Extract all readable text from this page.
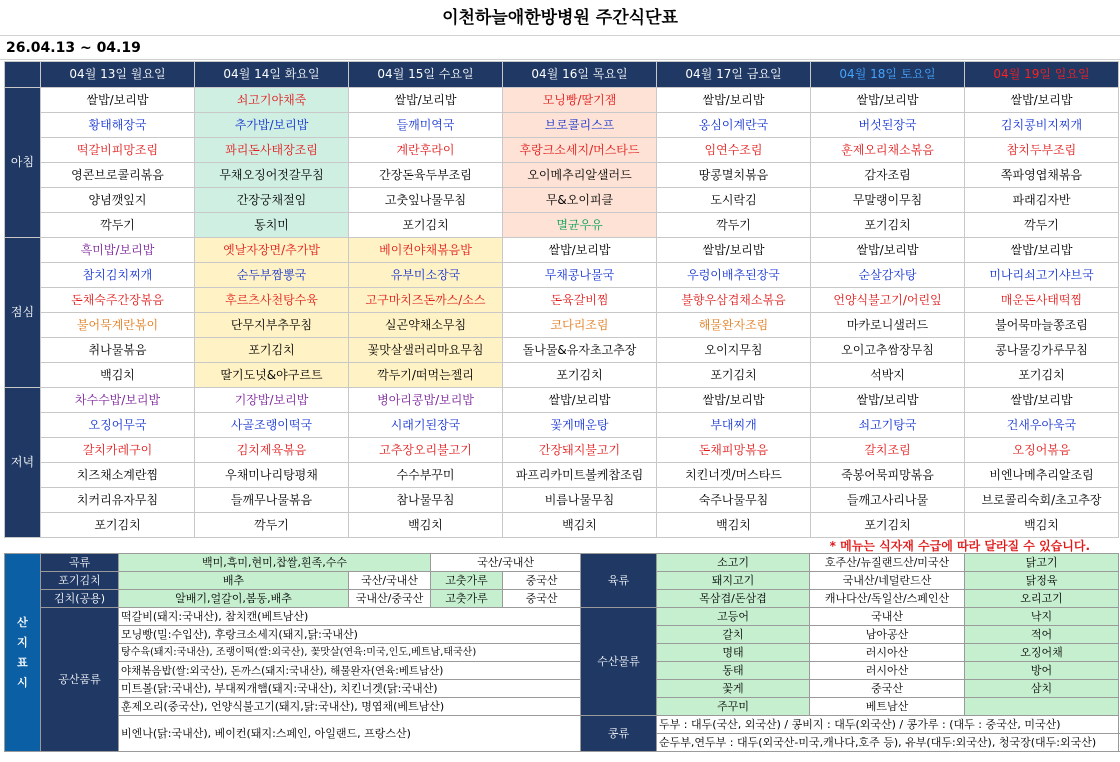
이천하늘애한방병원 주간식단표
26.04.13 ~ 04.19
	04월 13일 월요일	04월 14일 화요일	04월 15일 수요일	04월 16일 목요일	04월 17일 금요일	04월 18일 토요일	04월 19일 일요일
아침	쌀밥/보리밥	쇠고기야채죽	쌀밥/보리밥	모닝빵/딸기잼	쌀밥/보리밥	쌀밥/보리밥	쌀밥/보리밥
	황태해장국	추가밥/보리밥	들깨미역국	브로콜리스프	옹심이계란국	버섯된장국	김치콩비지찌개
	떡갈비피망조림	꽈리돈사태장조림	계란후라이	후랑크소세지/머스타드	임연수조림	훈제오리채소볶음	참치두부조림
	영콘브로콜리볶음	무채오징어젓갈무침	간장돈육두부조림	오이메추리알샐러드	땅콩멸치볶음	감자조림	쪽파영엽채볶음
	양념깻잎지	간장궁채절임	고춧잎나물무침	무&오이피클	도시락김	무말랭이무침	파래김자반
	깍두기	동치미	포기김치	멸균우유	깍두기	포기김치	깍두기
점심	흑미밥/보리밥	옛날자장면/추가밥	베이컨야채볶음밥	쌀밥/보리밥	쌀밥/보리밥	쌀밥/보리밥	쌀밥/보리밥
	참치김치찌개	순두부짬뽕국	유부미소장국	무채콩나물국	우렁이배추된장국	순살감자탕	미나리쇠고기샤브국
	돈채숙주간장볶음	후르츠사천탕수육	고구마치즈돈까스/소스	돈육갈비찜	불향우삼겹채소볶음	언양식불고기/어린잎	매운돈사태떡찜
	불어묵계란볶이	단무지부추무침	실곤약채소무침	코다리조림	해물완자조림	마카로니샐러드	불어묵마늘쫑조림
	취나물볶음	포기김치	꽃맛살샐러리마요무침	돌나물&유자초고추장	오이지무침	오이고추쌈장무침	콩나물깅가루무침
	백김치	딸기도넛&야구르트	깍두기/떠먹는젤리	포기김치	포기김치	석박지	포기김치
저녁	차수수밥/보리밥	기장밥/보리밥	병아리콩밥/보리밥	쌀밥/보리밥	쌀밥/보리밥	쌀밥/보리밥	쌀밥/보리밥
	오징어무국	사골조랭이떡국	시래기된장국	꽃게매운탕	부대찌개	쇠고기탕국	건새우아욱국
	갈치카레구이	김치제육볶음	고추장오리불고기	간장돼지불고기	돈채피망볶음	갈치조림	오징어볶음
	치즈채소계란찜	우채미나리탕평채	수수부꾸미	파프리카미트볼케찹조림	치킨너겟/머스타드	죽봉어묵피망볶음	비엔나메추리알조림
	치커리유자무침	들깨무나물볶음	참나물무침	비름나물무침	숙주나물무침	들깨고사리나물	브로콜리숙회/초고추장
	포기김치	깍두기	백김치	백김치	백김치	포기김치	백김치
* 메뉴는 식자재 수급에 따라 달라질 수 있습니다.
산지표시	곡류	백미,흑미,현미,찹쌀,흰족,수수		국산/국내산		육류	소고기	호주산/뉴질랜드산/미국산	닭고기	
	포기김치	배추	국산/국내산	고춧가루	중국산		돼지고기	국내산/네덜란드산	닭정육	
	김치(공용)	알배기,얼갈이,봄동,배추	국내산/중국산	고춧가루	중국산		목삼겹/돈삼겹	캐나다산/독일산/스페인산	오리고기	
	공산품류	떡갈비(돼지:국내산), 참치캔(베트남산)				수산물류	고등어	국내산	낙지	
		모닝빵(밀:수입산), 후랑크소세지(돼지,닭:국내산)					갈치	남아공산	적어	
		탕수육(돼지:국내산), 조랭이떡(쌀:외국산), 꽃맛살(연육:미국,인도,베트남,태국산)					명태	러시아산	오징어채	
		야채볶음밥(쌀:외국산), 돈까스(돼지:국내산), 해물완자(연육:베트남산)					동태	러시아산	방어	
		미트볼(닭:국내산), 부대찌개햄(돼지:국내산), 치킨너겟(닭:국내산)					꽃게	중국산	삼치	
		훈제오리(중국산), 언양식불고기(돼지,닭:국내산), 명엽채(베트남산)					주꾸미	베트남산		
		비엔나(닭:국내산), 베이컨(돼지:스페인, 아일랜드, 프랑스산)				콩류	두부 : 대두(국산, 외국산) / 콩비지 : 대두(외국산) / 콩가루 : (대두 : 중국산, 미국산)			
							순두부,연두부 : 대두(외국산-미국,캐나다,호주 등), 유부(대두:외국산), 청국장(대두:외국산)			
